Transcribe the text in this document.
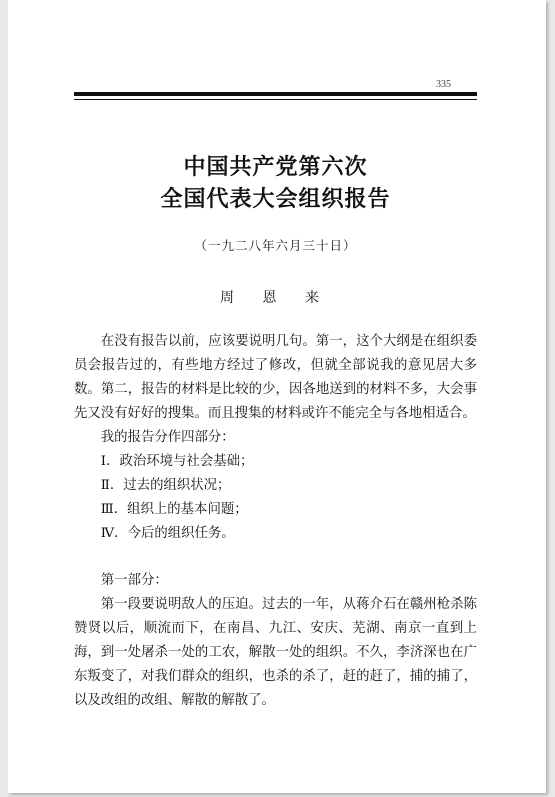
335
中国共产党第六次
全国代表大会组织报告
（一九二八年六月三十日）
周 恩 来

在没有报告以前，应该要说明几句。第一，这个大纲是在组织委员会报告过的，有些地方经过了修改，但就全部说我的意见居大多数。第二，报告的材料是比较的少，因各地送到的材料不多，大会事先又没有好好的搜集。而且搜集的材料或许不能完全与各地相适合。

我的报告分作四部分：

Ⅰ．政治环境与社会基础；
Ⅱ．过去的组织状况；
Ⅲ．组织上的基本问题；
Ⅳ．今后的组织任务。

第一部分：

第一段要说明敌人的压迫。过去的一年，从蒋介石在赣州枪杀陈赞贤以后，顺流而下，在南昌、九江、安庆、芜湖、南京一直到上海，到一处屠杀一处的工农，解散一处的组织。不久，李济深也在广东叛变了，对我们群众的组织，也杀的杀了，赶的赶了，捕的捕了，以及改组的改组、解散的解散了。
